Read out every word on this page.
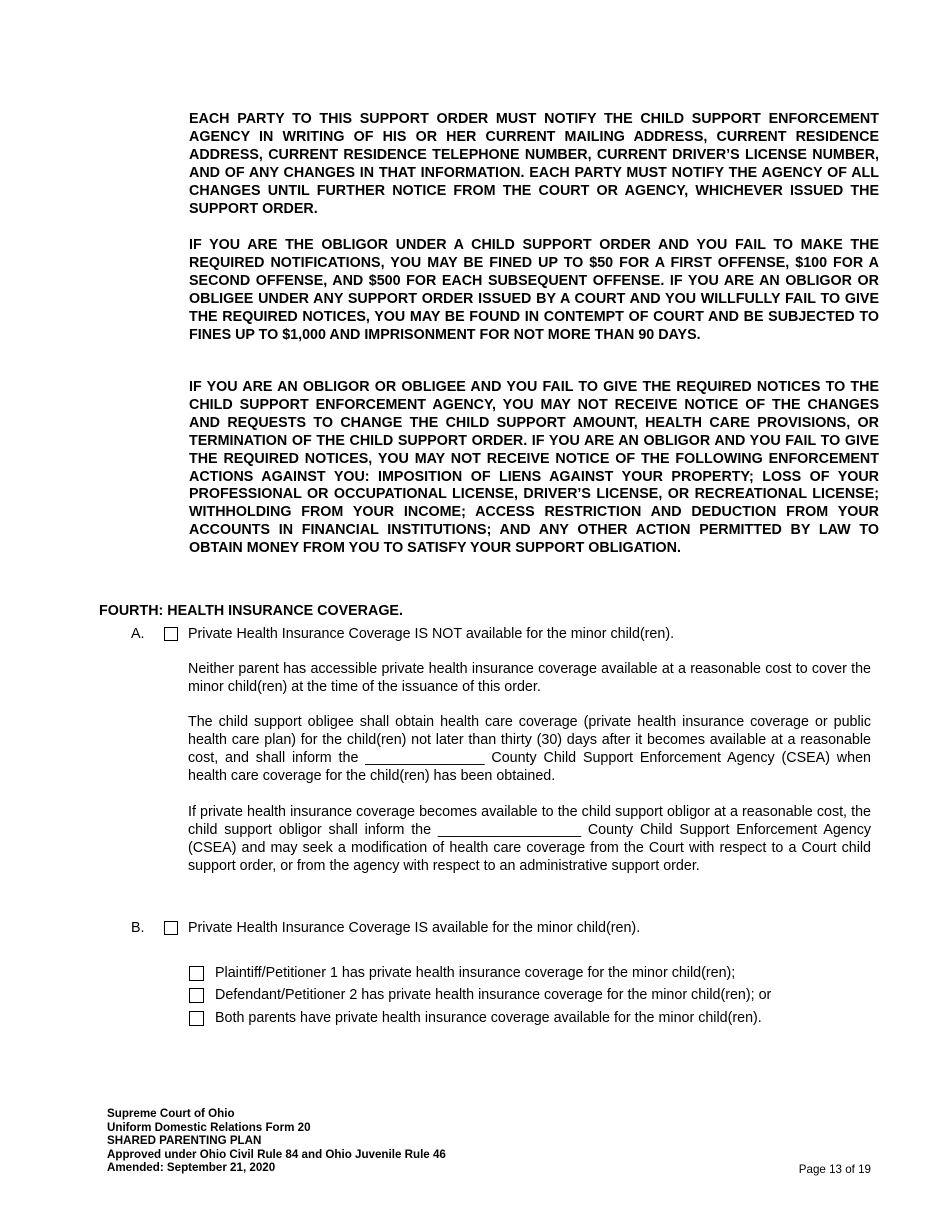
EACH PARTY TO THIS SUPPORT ORDER MUST NOTIFY THE CHILD SUPPORT ENFORCEMENT AGENCY IN WRITING OF HIS OR HER CURRENT MAILING ADDRESS, CURRENT RESIDENCE ADDRESS, CURRENT RESIDENCE TELEPHONE NUMBER, CURRENT DRIVER’S LICENSE NUMBER, AND OF ANY CHANGES IN THAT INFORMATION. EACH PARTY MUST NOTIFY THE AGENCY OF ALL CHANGES UNTIL FURTHER NOTICE FROM THE COURT OR AGENCY, WHICHEVER ISSUED THE SUPPORT ORDER.

IF YOU ARE THE OBLIGOR UNDER A CHILD SUPPORT ORDER AND YOU FAIL TO MAKE THE REQUIRED NOTIFICATIONS, YOU MAY BE FINED UP TO $50 FOR A FIRST OFFENSE, $100 FOR A SECOND OFFENSE, AND $500 FOR EACH SUBSEQUENT OFFENSE. IF YOU ARE AN OBLIGOR OR OBLIGEE UNDER ANY SUPPORT ORDER ISSUED BY A COURT AND YOU WILLFULLY FAIL TO GIVE THE REQUIRED NOTICES, YOU MAY BE FOUND IN CONTEMPT OF COURT AND BE SUBJECTED TO FINES UP TO $1,000 AND IMPRISONMENT FOR NOT MORE THAN 90 DAYS.

IF YOU ARE AN OBLIGOR OR OBLIGEE AND YOU FAIL TO GIVE THE REQUIRED NOTICES TO THE CHILD SUPPORT ENFORCEMENT AGENCY, YOU MAY NOT RECEIVE NOTICE OF THE CHANGES AND REQUESTS TO CHANGE THE CHILD SUPPORT AMOUNT, HEALTH CARE PROVISIONS, OR TERMINATION OF THE CHILD SUPPORT ORDER. IF YOU ARE AN OBLIGOR AND YOU FAIL TO GIVE THE REQUIRED NOTICES, YOU MAY NOT RECEIVE NOTICE OF THE FOLLOWING ENFORCEMENT ACTIONS AGAINST YOU: IMPOSITION OF LIENS AGAINST YOUR PROPERTY; LOSS OF YOUR PROFESSIONAL OR OCCUPATIONAL LICENSE, DRIVER’S LICENSE, OR RECREATIONAL LICENSE; WITHHOLDING FROM YOUR INCOME; ACCESS RESTRICTION AND DEDUCTION FROM YOUR ACCOUNTS IN FINANCIAL INSTITUTIONS; AND ANY OTHER ACTION PERMITTED BY LAW TO OBTAIN MONEY FROM YOU TO SATISFY YOUR SUPPORT OBLIGATION.

FOURTH: HEALTH INSURANCE COVERAGE.

A.	Private Health Insurance Coverage IS NOT available for the minor child(ren).

Neither parent has accessible private health insurance coverage available at a reasonable cost to cover the minor child(ren) at the time of the issuance of this order.

The child support obligee shall obtain health care coverage (private health insurance coverage or public health care plan) for the child(ren) not later than thirty (30) days after it becomes available at a reasonable cost, and shall inform the _______________ County Child Support Enforcement Agency (CSEA) when health care coverage for the child(ren) has been obtained.

If private health insurance coverage becomes available to the child support obligor at a reasonable cost, the child support obligor shall inform the __________________ County Child Support Enforcement Agency (CSEA) and may seek a modification of health care coverage from the Court with respect to a Court child support order, or from the agency with respect to an administrative support order.

B.	Private Health Insurance Coverage IS available for the minor child(ren).
Plaintiff/Petitioner 1 has private health insurance coverage for the minor child(ren);
Defendant/Petitioner 2 has private health insurance coverage for the minor child(ren); or
Both parents have private health insurance coverage available for the minor child(ren).
Supreme Court of Ohio
Uniform Domestic Relations Form 20
SHARED PARENTING PLAN
Approved under Ohio Civil Rule 84 and Ohio Juvenile Rule 46
Amended: September 21, 2020	Page 13 of 19
